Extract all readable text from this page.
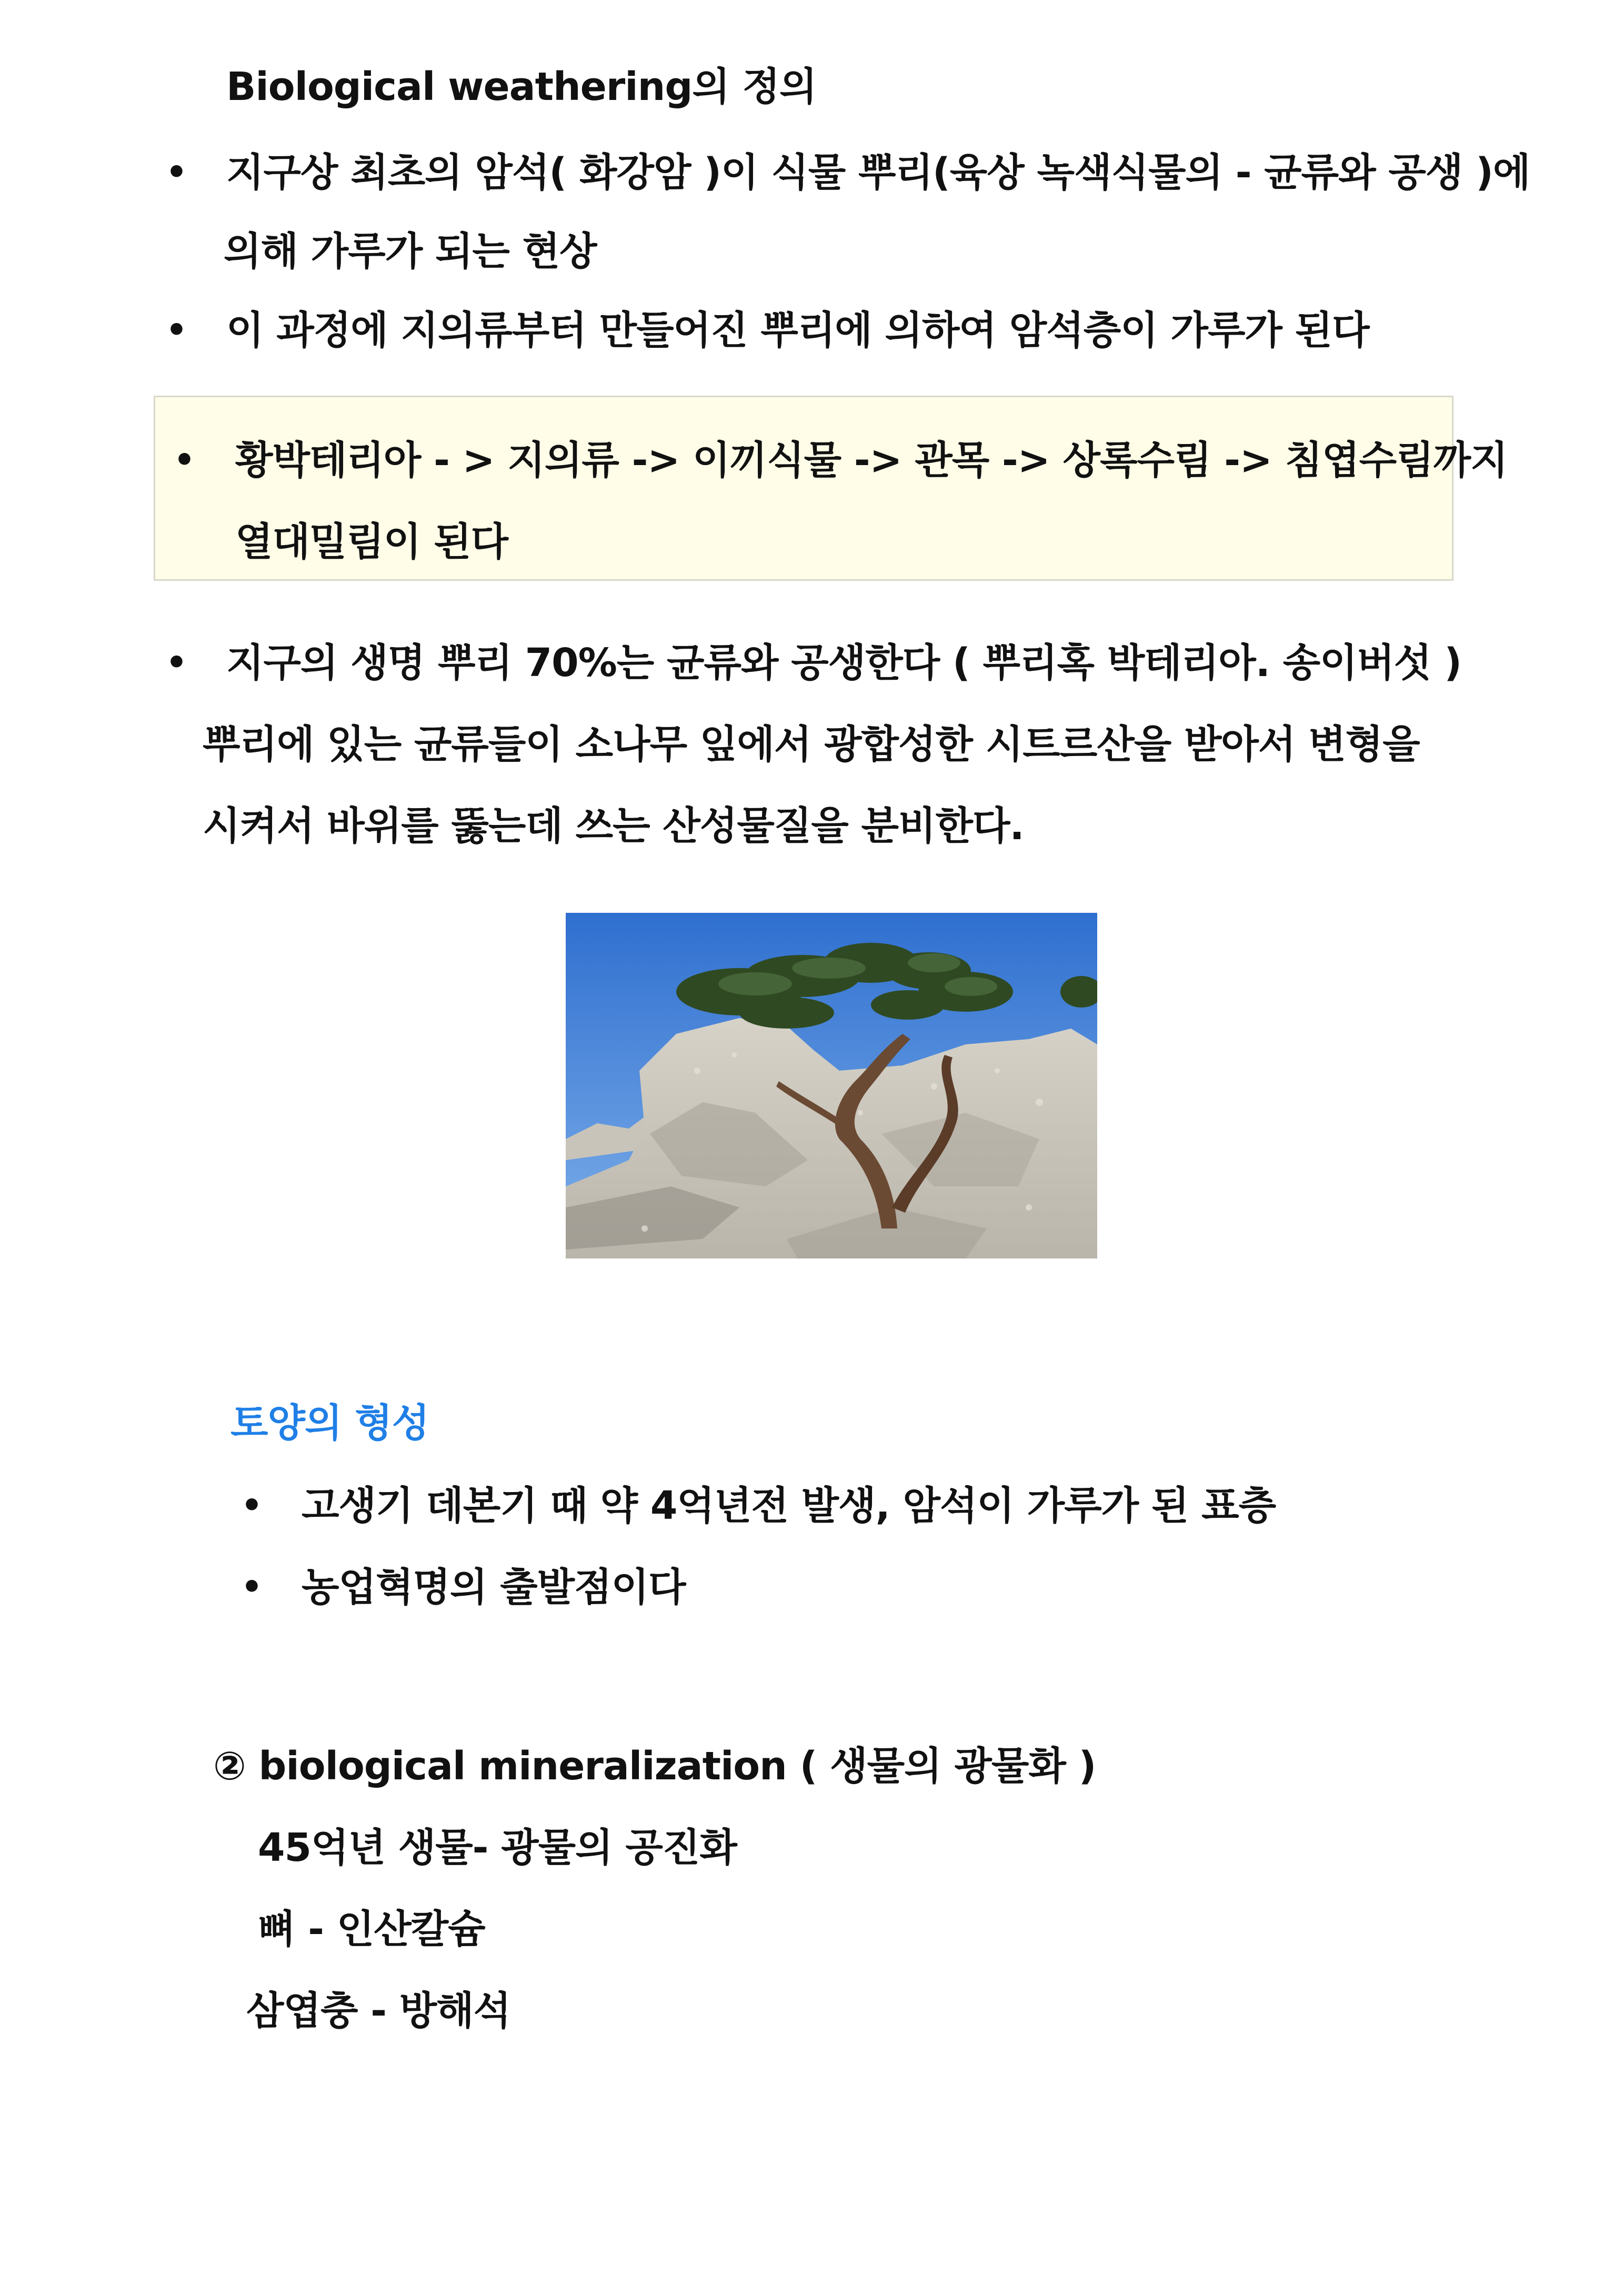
Biological weathering의 정의
• 지구상 최초의 암석( 화강암 )이 식물 뿌리(육상 녹색식물의 - 균류와 공생 )에
의해 가루가 되는 현상
• 이 과정에 지의류부터 만들어진 뿌리에 의하여 암석층이 가루가 된다
• 황박테리아 - > 지의류 -> 이끼식물 -> 관목 -> 상록수림 -> 침엽수림까지
열대밀림이 된다
• 지구의 생명 뿌리 70%는 균류와 공생한다 ( 뿌리혹 박테리아. 송이버섯 )
뿌리에 있는 균류들이 소나무 잎에서 광합성한 시트르산을 받아서 변형을
시켜서 바위를 뚫는데 쓰는 산성물질을 분비한다.
토양의 형성
• 고생기 데본기 때 약 4억년전 발생, 암석이 가루가 된 표층
• 농업혁명의 출발점이다
② biological mineralization ( 생물의 광물화 )
45억년 생물- 광물의 공진화
뼈 - 인산칼슘
삼엽충 - 방해석
